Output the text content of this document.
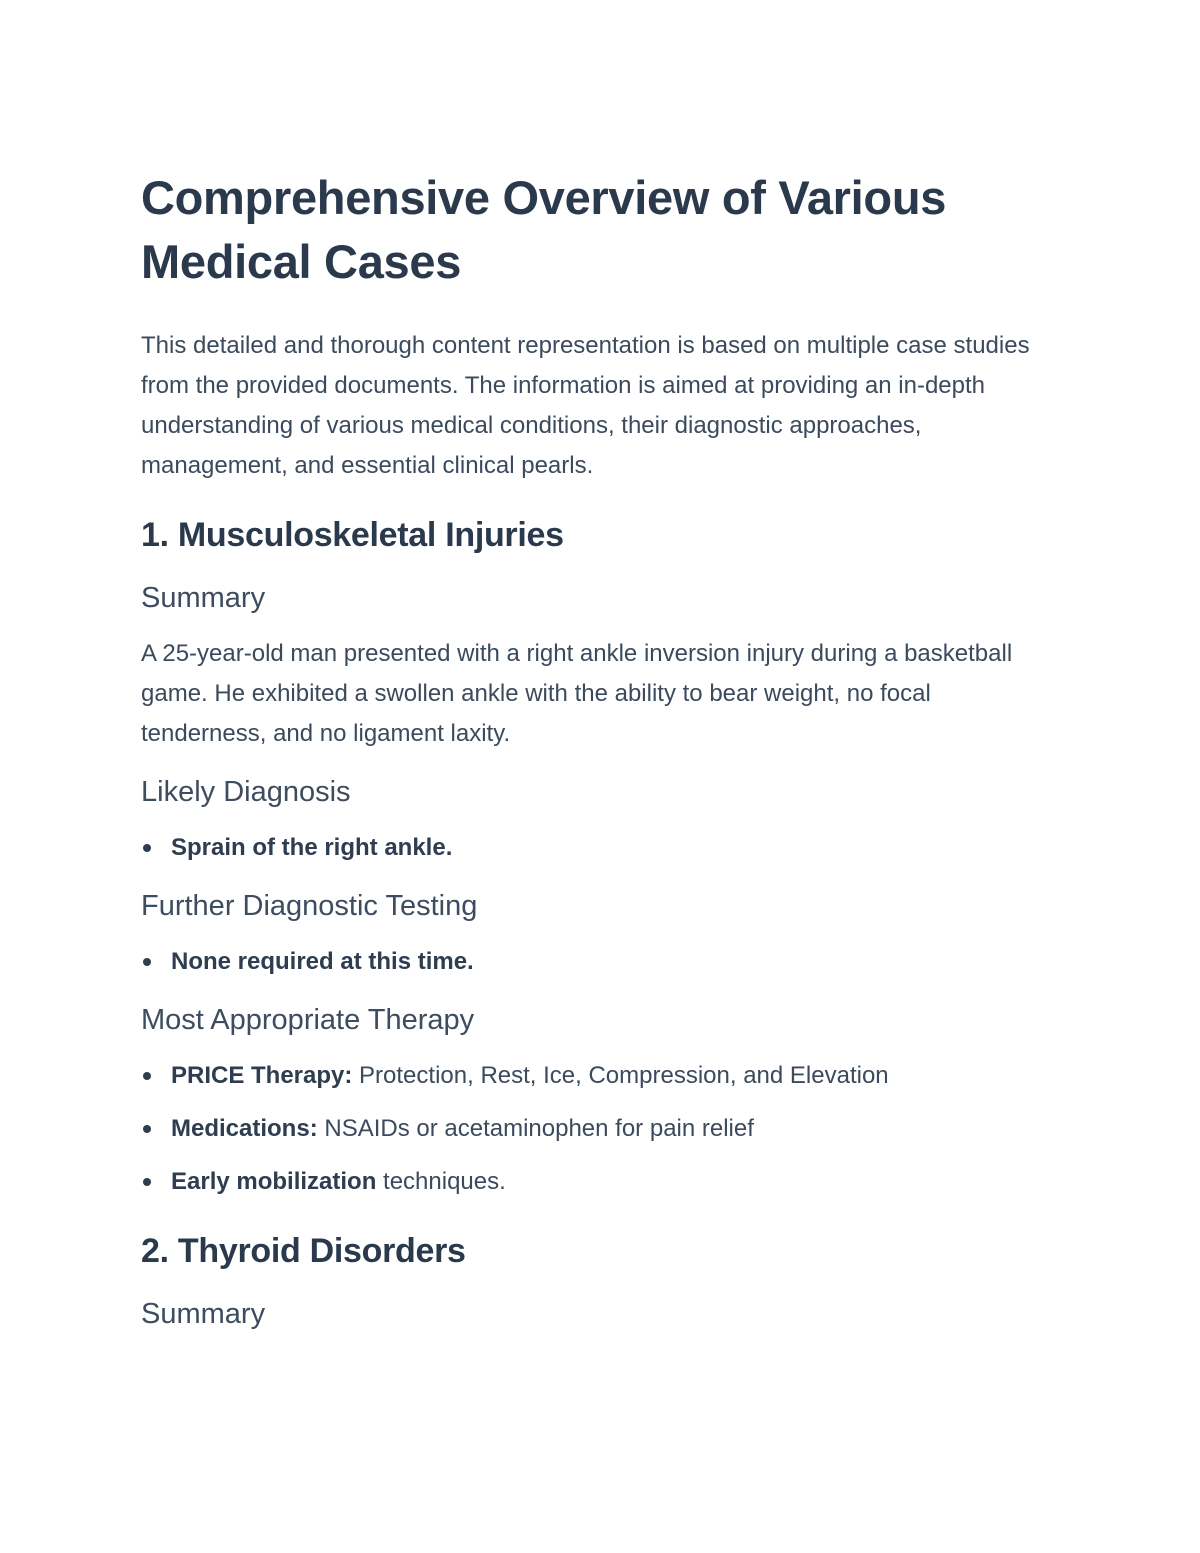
Comprehensive Overview of Various Medical Cases

This detailed and thorough content representation is based on multiple case studies from the provided documents. The information is aimed at providing an in-depth understanding of various medical conditions, their diagnostic approaches, management, and essential clinical pearls.

1. Musculoskeletal Injuries
Summary

A 25-year-old man presented with a right ankle inversion injury during a basketball game. He exhibited a swollen ankle with the ability to bear weight, no focal tenderness, and no ligament laxity.

Likely Diagnosis
Sprain of the right ankle.
Further Diagnostic Testing
None required at this time.
Most Appropriate Therapy
PRICE Therapy: Protection, Rest, Ice, Compression, and Elevation
Medications: NSAIDs or acetaminophen for pain relief
Early mobilization techniques.
2. Thyroid Disorders
Summary
